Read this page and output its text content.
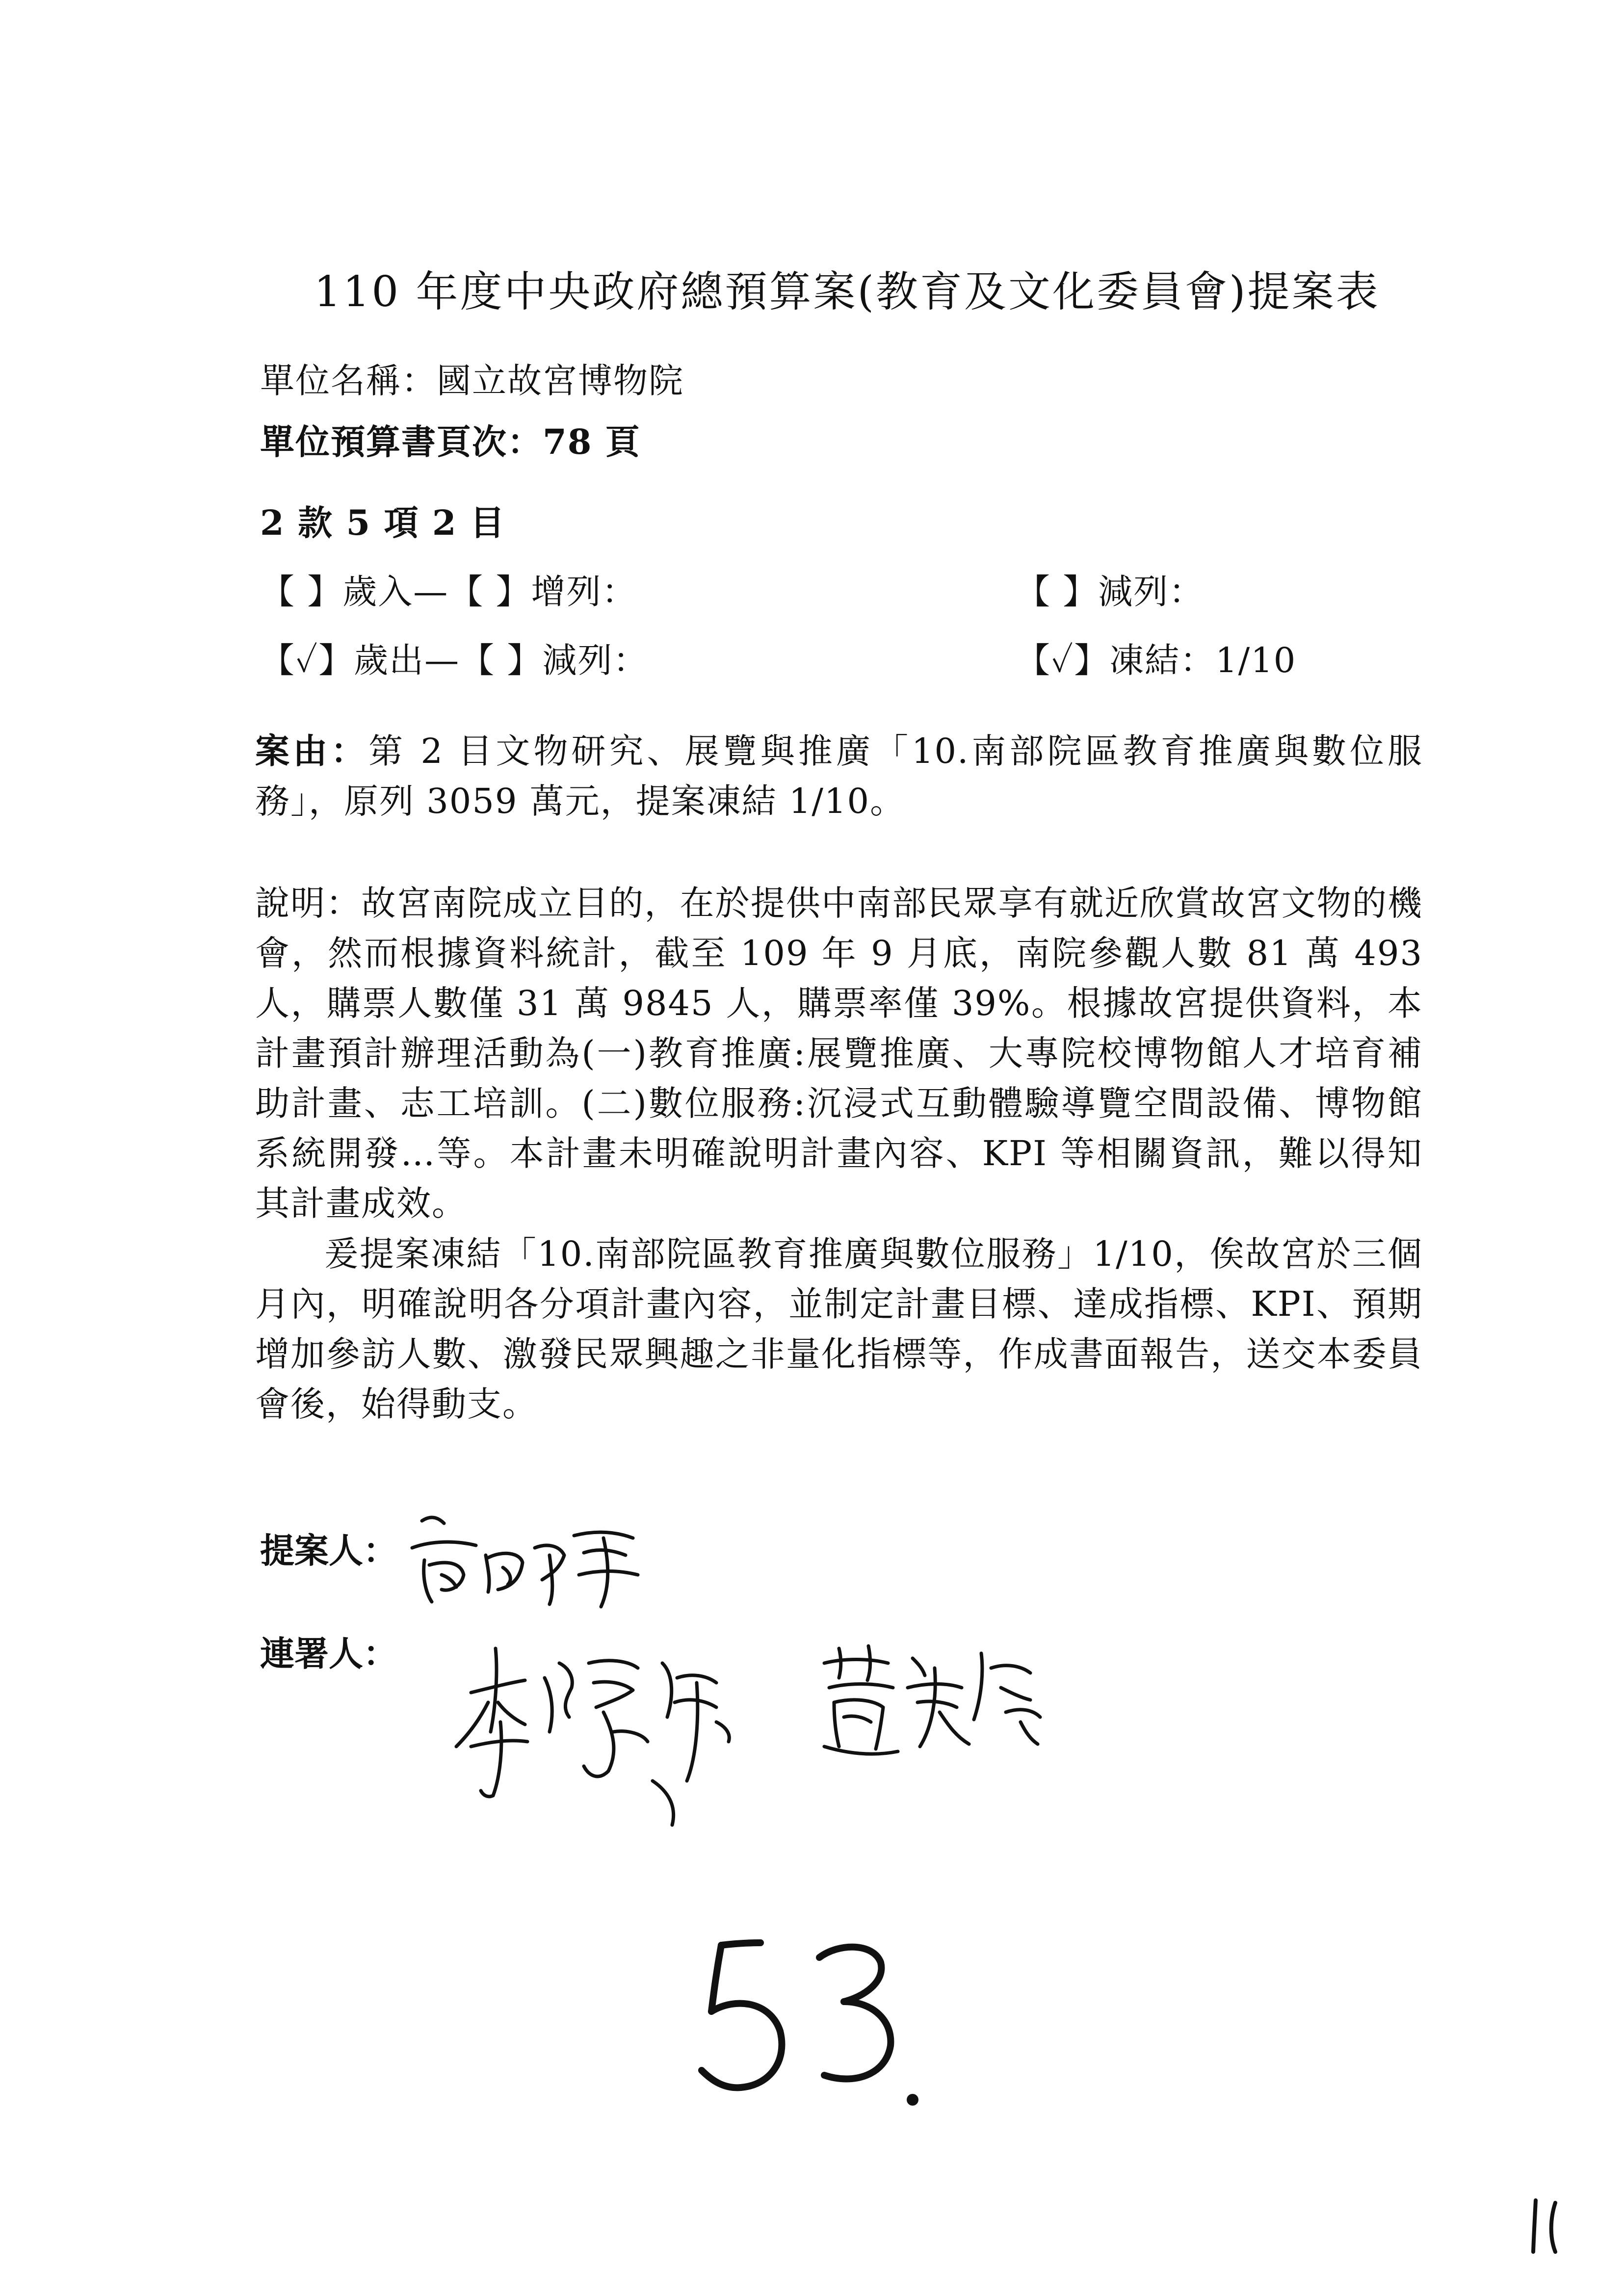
110 年度中央政府總預算案(教育及文化委員會)提案表
單位名稱：國立故宮博物院
單位預算書頁次：78 頁
2 款 5 項 2 目
【 】歲入—【 】增列：	【 】減列：
【✓】歲出—【 】減列：	【✓】凍結：1/10
案由：第 2 目文物研究、展覽與推廣「10.南部院區教育推廣與數位服務」，原列 3059 萬元，提案凍結 1/10。
說明：故宮南院成立目的，在於提供中南部民眾享有就近欣賞故宮文物的機會，然而根據資料統計，截至 109 年 9 月底，南院參觀人數 81 萬 493 人，購票人數僅 31 萬 9845 人，購票率僅 39%。根據故宮提供資料，本計畫預計辦理活動為(一)教育推廣:展覽推廣、大專院校博物館人才培育補助計畫、志工培訓。(二)數位服務:沉浸式互動體驗導覽空間設備、博物館系統開發…等。本計畫未明確說明計畫內容、KPI 等相關資訊，難以得知其計畫成效。
爰提案凍結「10.南部院區教育推廣與數位服務」1/10，俟故宮於三個月內，明確說明各分項計畫內容，並制定計畫目標、達成指標、KPI、預期增加參訪人數、激發民眾興趣之非量化指標等，作成書面報告，送交本委員會後，始得動支。
提案人：
連署人：
